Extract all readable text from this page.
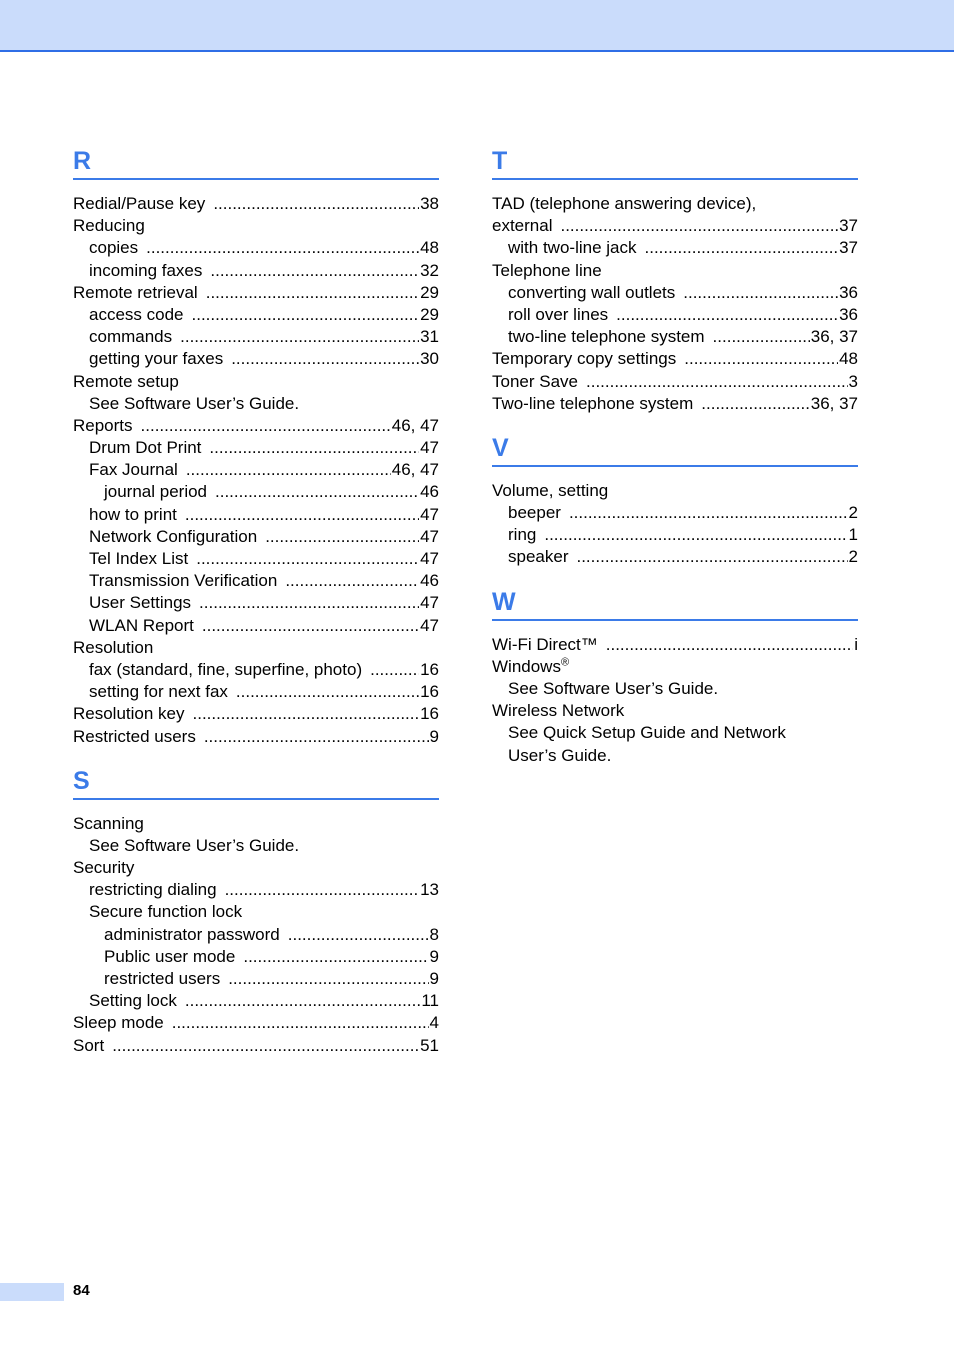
R
Redial/Pause key .....	38
Reducing
copies .....	48
incoming faxes .....	32
Remote retrieval .....	29
access code .....	29
commands .....	31
getting your faxes .....	30
Remote setup
See Software User’s Guide.
Reports .....	46, 47
Drum Dot Print .....	47
Fax Journal .....	46, 47
journal period .....	46
how to print .....	47
Network Configuration .....	47
Tel Index List .....	47
Transmission Verification .....	46
User Settings .....	47
WLAN Report .....	47
Resolution
fax (standard, fine, superfine, photo) .....	16
setting for next fax .....	16
Resolution key .....	16
Restricted users .....	9
S
Scanning
See Software User’s Guide.
Security
restricting dialing .....	13
Secure function lock
administrator password .....	8
Public user mode .....	9
restricted users .....	9
Setting lock .....	11
Sleep mode .....	4
Sort .....	51
T
TAD (telephone answering device),
external .....	37
with two-line jack .....	37
Telephone line
converting wall outlets .....	36
roll over lines .....	36
two-line telephone system .....	36, 37
Temporary copy settings .....	48
Toner Save .....	3
Two-line telephone system .....	36, 37
V
Volume, setting
beeper .....	2
ring .....	1
speaker .....	2
W
Wi-Fi Direct™ .....	i
Windows®
See Software User’s Guide.
Wireless Network
See Quick Setup Guide and Network
User’s Guide.
84
